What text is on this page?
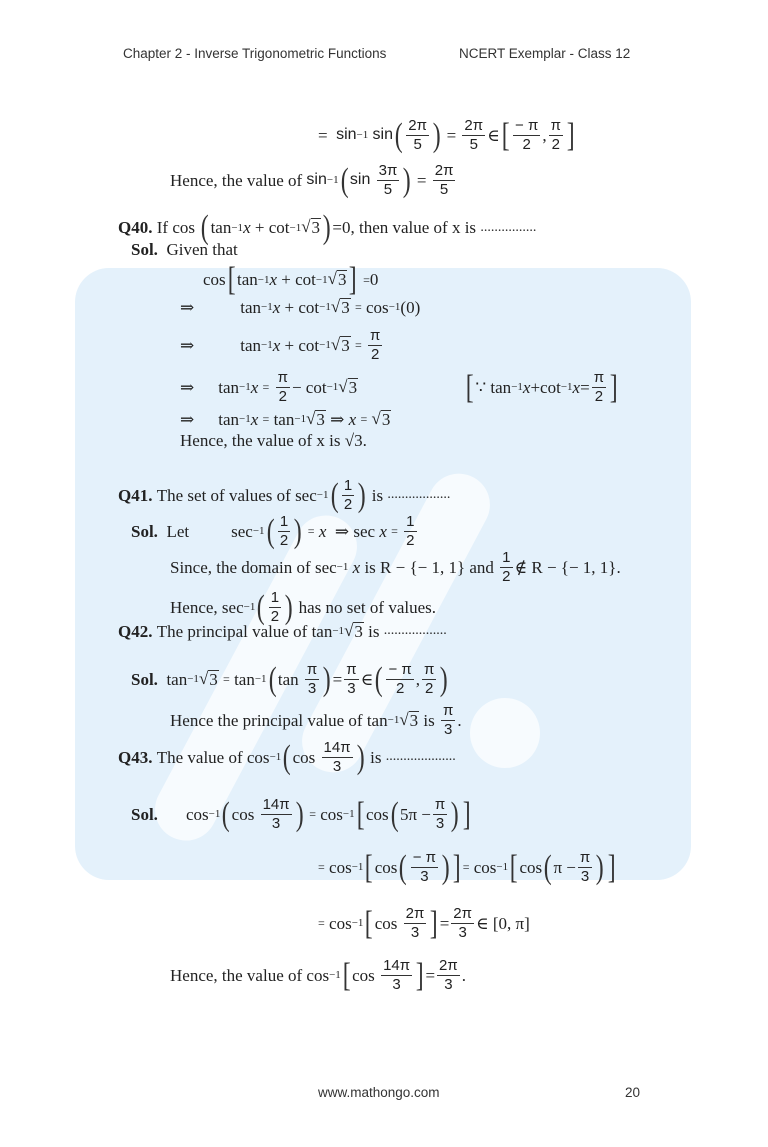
Chapter 2 - Inverse Trigonometric Functions	NCERT Exemplar - Class 12
=
sin −1
sin ( $\frac{2\pi}{5}$ )
=
$\frac{2\pi}{5}$ ∈ [ $\frac{- \pi}{2}$ , $\frac{\pi}{2}$ ]
Hence, the value of
sin −1 ( sin
$\frac{3\pi}{5}$ )
=
$\frac{2\pi}{5}$
Q40.
If
cos
( tan −1 x
+
cot −1 √ 3 ) = 0 ,
then value of x is
................
Sol.
Given that
cos [ tan −1 x
+
cot −1 √ 3 ]
= 0
⇒	tan −1 x
+
cot −1 √ 3
=
cos −1 (0)
⇒	tan −1 x
+
cot −1 √ 3
=
$\frac{\pi}{2}$
⇒ tan −1 x
=
$\frac{\pi}{2}$ −
cot −1 √ 3	[ ∵
tan −1 x + cot −1 $x = \frac{\pi}{2}$ ]
⇒ tan −1 x
=
tan −1 √ 3
⇒
x
=
√ 3
Hence, the value of x is √3.
Q41.
The set of values of
sec −1 ( $\frac{1}{2}$ )
is
..................
Sol.
Let sec −1 ( $\frac{1}{2}$ )
=
x
⇒
sec
x
=
$\frac{1}{2}$
Since, the domain of
sec −1
x
is
R − {− 1, 1}
and
$\frac{1}{2}$ ∉
R − {− 1, 1} .
Hence,
sec −1 ( $\frac{1}{2}$ )
has no set of values.
Q42.
The principal value of
tan −1 √ 3
is
..................
Sol.
tan −1 √ 3
=
tan −1 ( tan
$\frac{\pi}{3}$ ) = $\frac{\pi}{3}$ ∈ ( $\frac{- \pi}{2}$ , $\frac{\pi}{2}$ )
Hence the principal value of
tan −1 √ 3
is
$\frac{\pi}{3}$ .
Q43.
The value of
cos −1 ( cos
$\frac{14\pi}{3}$ )
is
....................
Sol. cos −1 ( cos
$\frac{14\pi}{3}$ )
=
cos −1 [ cos ( 5π
− $\frac{\pi}{3}$ ) ]
=
cos −1 [ cos ( $\frac{- \pi}{3}$ ) ] =
cos −1 [ cos ( π
− $\frac{\pi}{3}$ ) ]
=
cos −1 [ cos
$\frac{2\pi}{3}$ ] = $\frac{2\pi}{3}$ ∈
[0, π]
Hence, the value of
cos −1 [ cos
$\frac{14\pi}{3}$ ] = $\frac{2\pi}{3}$ .
www.mathongo.com	20
